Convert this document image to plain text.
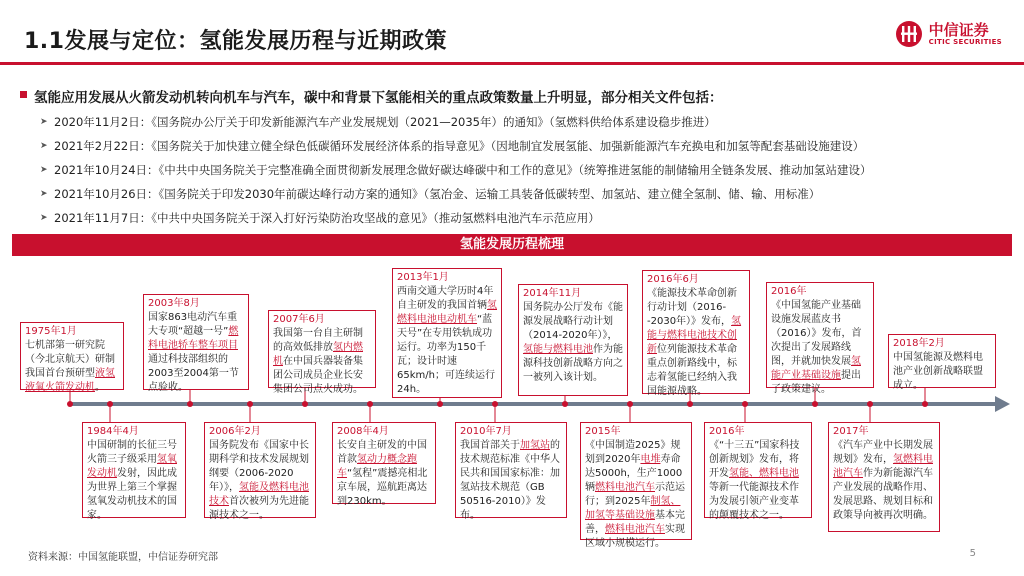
1.1发展与定位：氢能发展历程与近期政策	中信证券
CITIC SECURITIES
氢能应用发展从火箭发动机转向机车与汽车，碳中和背景下氢能相关的重点政策数量上升明显，部分相关文件包括：
➤ 2020年11月2日：《国务院办公厅关于印发新能源汽车产业发展规划（2021—2035年）的通知》（氢燃料供给体系建设稳步推进）
➤ 2021年2月22日：《国务院关于加快建立健全绿色低碳循环发展经济体系的指导意见》（因地制宜发展氢能、加强新能源汽车充换电和加氢等配套基础设施建设）
➤ 2021年10月24日：《中共中央国务院关于完整准确全面贯彻新发展理念做好碳达峰碳中和工作的意见》（统筹推进氢能的制储输用全链条发展、推动加氢站建设）
➤ 2021年10月26日：《国务院关于印发2030年前碳达峰行动方案的通知》（氢冶金、运输工具装备低碳转型、加氢站、建立健全氢制、储、输、用标准）
➤ 2021年11月7日：《中共中央国务院关于深入打好污染防治攻坚战的意见》（推动氢燃料电池汽车示范应用）
氢能发展历程梳理
1975年1月
七机部第一研究院（今北京航天）研制我国首台预研型液氢液氧火箭发动机。
2003年8月
国家863电动汽车重大专项“超越一号”燃料电池轿车整车项目通过科技部组织的2003至2004第一节点验收。
2007年6月
我国第一台自主研制的高效低排放氢内燃机在中国兵器装备集团公司成员企业长安集团公司点火成功。
2013年1月
西南交通大学历时4年自主研发的我国首辆氢燃料电池电动机车“蓝天号”在专用铁轨成功运行。功率为150千瓦；设计时速65km/h；可连续运行24h。
2014年11月
国务院办公厅发布《能源发展战略行动计划（2014-2020年）》，氢能与燃料电池作为能源科技创新战略方向之一被列入该计划。
2016年6月
《能源技术革命创新行动计划（2016--2030年）》发布，氢能与燃料电池技术创新位列能源技术革命重点创新路线中，标志着氢能已经纳入我国能源战略。
2016年
《中国氢能产业基础设施发展蓝皮书（2016）》发布，首次提出了发展路线图，并就加快发展氢能产业基础设施提出了政策建议。
2018年2月
中国氢能源及燃料电池产业创新战略联盟成立。
1984年4月
中国研制的长征三号火箭三子级采用氢氧发动机发射，因此成为世界上第三个掌握氢氧发动机技术的国家。
2006年2月
国务院发布《国家中长期科学和技术发展规划纲要（2006-2020年）》，氢能及燃料电池技术首次被列为先进能源技术之一。
2008年4月
长安自主研发的中国首款氢动力概念跑车“氢程”震撼亮相北京车展，巡航距离达到230km。
2010年7月
我国首部关于加氢站的技术规范标准《中华人民共和国国家标准：加氢站技术规范（GB 50516-2010）》发布。
2015年
《中国制造2025》规划到2020年电堆寿命达5000h，生产1000辆燃料电池汽车示范运行；到2025年制氢、加氢等基础设施基本完善，燃料电池汽车实现区域小规模运行。
2016年
《“十三五”国家科技创新规划》发布，将开发氢能、燃料电池等新一代能源技术作为发展引领产业变革的颠覆技术之一。
2017年
《汽车产业中长期发展规划》发布，氢燃料电池汽车作为新能源汽车产业发展的战略作用、发展思路、规划目标和政策导向被再次明确。
资料来源：中国氢能联盟，中信证券研究部	5
